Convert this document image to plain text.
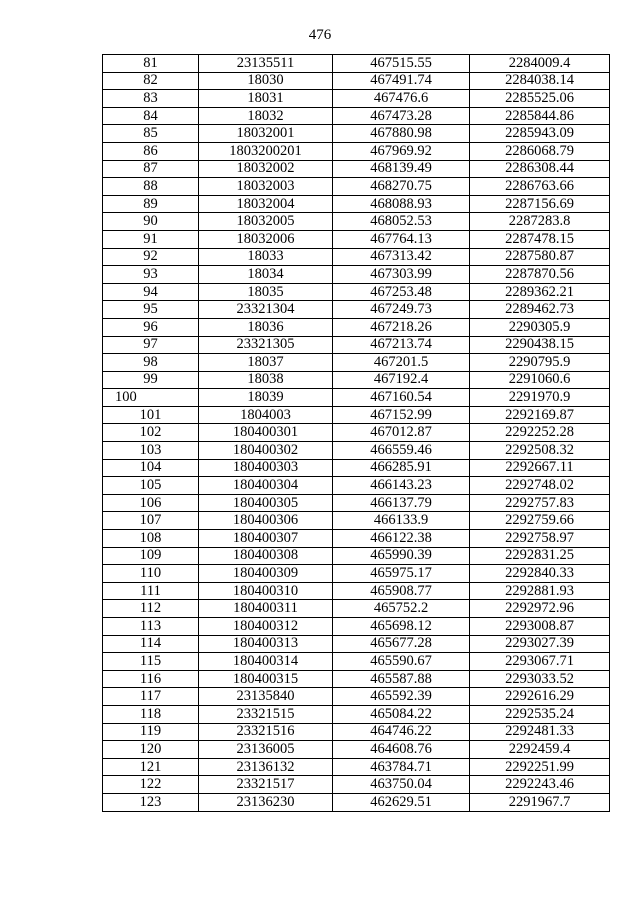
476
81	23135511	467515.55	2284009.4
82	18030	467491.74	2284038.14
83	18031	467476.6	2285525.06
84	18032	467473.28	2285844.86
85	18032001	467880.98	2285943.09
86	1803200201	467969.92	2286068.79
87	18032002	468139.49	2286308.44
88	18032003	468270.75	2286763.66
89	18032004	468088.93	2287156.69
90	18032005	468052.53	2287283.8
91	18032006	467764.13	2287478.15
92	18033	467313.42	2287580.87
93	18034	467303.99	2287870.56
94	18035	467253.48	2289362.21
95	23321304	467249.73	2289462.73
96	18036	467218.26	2290305.9
97	23321305	467213.74	2290438.15
98	18037	467201.5	2290795.9
99	18038	467192.4	2291060.6
100	18039	467160.54	2291970.9
101	1804003	467152.99	2292169.87
102	180400301	467012.87	2292252.28
103	180400302	466559.46	2292508.32
104	180400303	466285.91	2292667.11
105	180400304	466143.23	2292748.02
106	180400305	466137.79	2292757.83
107	180400306	466133.9	2292759.66
108	180400307	466122.38	2292758.97
109	180400308	465990.39	2292831.25
110	180400309	465975.17	2292840.33
111	180400310	465908.77	2292881.93
112	180400311	465752.2	2292972.96
113	180400312	465698.12	2293008.87
114	180400313	465677.28	2293027.39
115	180400314	465590.67	2293067.71
116	180400315	465587.88	2293033.52
117	23135840	465592.39	2292616.29
118	23321515	465084.22	2292535.24
119	23321516	464746.22	2292481.33
120	23136005	464608.76	2292459.4
121	23136132	463784.71	2292251.99
122	23321517	463750.04	2292243.46
123	23136230	462629.51	2291967.7
